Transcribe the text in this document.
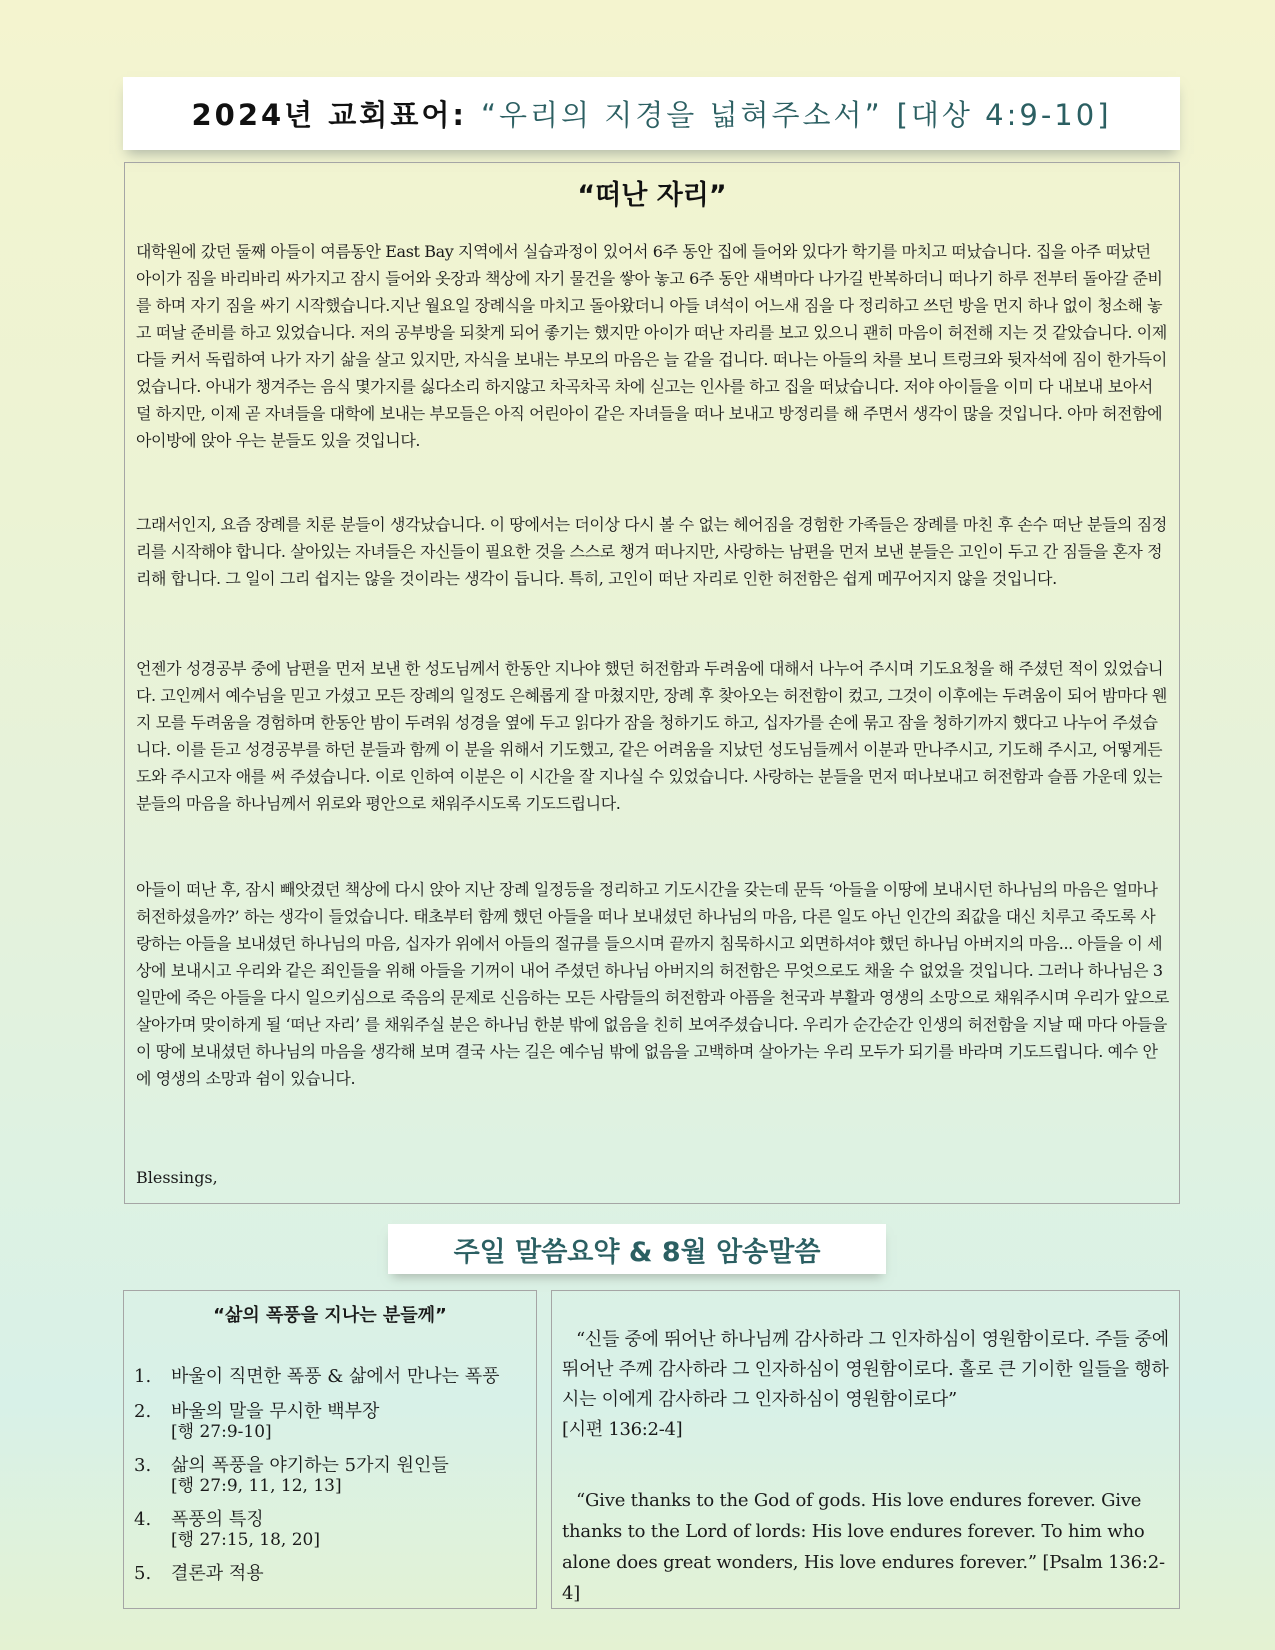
2024년 교회표어: “우리의 지경을 넓혀주소서” [대상 4:9-10]
“떠난 자리”

대학원에 갔던 둘째 아들이 여름동안 East Bay 지역에서 실습과정이 있어서 6주 동안 집에 들어와 있다가 학기를 마치고 떠났습니다. 집을 아주 떠났던 아이가 짐을 바리바리 싸가지고 잠시 들어와 옷장과 책상에 자기 물건을 쌓아 놓고 6주 동안 새벽마다 나가길 반복하더니 떠나기 하루 전부터 돌아갈 준비를 하며 자기 짐을 싸기 시작했습니다.지난 월요일 장례식을 마치고 돌아왔더니 아들 녀석이 어느새 짐을 다 정리하고 쓰던 방을 먼지 하나 없이 청소해 놓고 떠날 준비를 하고 있었습니다. 저의 공부방을 되찾게 되어 좋기는 했지만 아이가 떠난 자리를 보고 있으니 괜히 마음이 허전해 지는 것 같았습니다. 이제 다들 커서 독립하여 나가 자기 삶을 살고 있지만, 자식을 보내는 부모의 마음은 늘 같을 겁니다. 떠나는 아들의 차를 보니 트렁크와 뒷자석에 짐이 한가득이었습니다. 아내가 챙겨주는 음식 몇가지를 싫다소리 하지않고 차곡차곡 차에 싣고는 인사를 하고 집을 떠났습니다. 저야 아이들을 이미 다 내보내 보아서 덜 하지만, 이제 곧 자녀들을 대학에 보내는 부모들은 아직 어린아이 같은 자녀들을 떠나 보내고 방정리를 해 주면서 생각이 많을 것입니다. 아마 허전함에 아이방에 앉아 우는 분들도 있을 것입니다.

그래서인지, 요즘 장례를 치룬 분들이 생각났습니다. 이 땅에서는 더이상 다시 볼 수 없는 헤어짐을 경험한 가족들은 장례를 마친 후 손수 떠난 분들의 짐정리를 시작해야 합니다. 살아있는 자녀들은 자신들이 필요한 것을 스스로 챙겨 떠나지만, 사랑하는 남편을 먼저 보낸 분들은 고인이 두고 간 짐들을 혼자 정리해 합니다. 그 일이 그리 쉽지는 않을 것이라는 생각이 듭니다. 특히, 고인이 떠난 자리로 인한 허전함은 쉽게 메꾸어지지 않을 것입니다.

언젠가 성경공부 중에 남편을 먼저 보낸 한 성도님께서 한동안 지나야 했던 허전함과 두려움에 대해서 나누어 주시며 기도요청을 해 주셨던 적이 있었습니다. 고인께서 예수님을 믿고 가셨고 모든 장례의 일정도 은혜롭게 잘 마쳤지만, 장례 후 찾아오는 허전함이 컸고, 그것이 이후에는 두려움이 되어 밤마다 웬지 모를 두려움을 경험하며 한동안 밤이 두려워 성경을 옆에 두고 읽다가 잠을 청하기도 하고, 십자가를 손에 묶고 잠을 청하기까지 했다고 나누어 주셨습니다. 이를 듣고 성경공부를 하던 분들과 함께 이 분을 위해서 기도했고, 같은 어려움을 지났던 성도님들께서 이분과 만나주시고, 기도해 주시고, 어떻게든 도와 주시고자 애를 써 주셨습니다. 이로 인하여 이분은 이 시간을 잘 지나실 수 있었습니다. 사랑하는 분들을 먼저 떠나보내고 허전함과 슬픔 가운데 있는 분들의 마음을 하나님께서 위로와 평안으로 채워주시도록 기도드립니다.

아들이 떠난 후, 잠시 빼앗겼던 책상에 다시 앉아 지난 장례 일정등을 정리하고 기도시간을 갖는데 문득 ‘아들을 이땅에 보내시던 하나님의 마음은 얼마나 허전하셨을까?’ 하는 생각이 들었습니다. 태초부터 함께 했던 아들을 떠나 보내셨던 하나님의 마음, 다른 일도 아닌 인간의 죄값을 대신 치루고 죽도록 사랑하는 아들을 보내셨던 하나님의 마음, 십자가 위에서 아들의 절규를 들으시며 끝까지 침묵하시고 외면하셔야 했던 하나님 아버지의 마음... 아들을 이 세상에 보내시고 우리와 같은 죄인들을 위해 아들을 기꺼이 내어 주셨던 하나님 아버지의 허전함은 무엇으로도 채울 수 없었을 것입니다. 그러나 하나님은 3일만에 죽은 아들을 다시 일으키심으로 죽음의 문제로 신음하는 모든 사람들의 허전함과 아픔을 천국과 부활과 영생의 소망으로 채워주시며 우리가 앞으로 살아가며 맞이하게 될 ‘떠난 자리’ 를 채워주실 분은 하나님 한분 밖에 없음을 친히 보여주셨습니다. 우리가 순간순간 인생의 허전함을 지날 때 마다 아들을 이 땅에 보내셨던 하나님의 마음을 생각해 보며 결국 사는 길은 예수님 밖에 없음을 고백하며 살아가는 우리 모두가 되기를 바라며 기도드립니다. 예수 안에 영생의 소망과 쉼이 있습니다.

Blessings,
주일 말씀요약 & 8월 암송말씀
“삶의 폭풍을 지나는 분들께”
1.	바울이 직면한 폭풍 & 삶에서 만나는 폭풍
2.	바울의 말을 무시한 백부장
[행 27:9-10]
3.	삶의 폭풍을 야기하는 5가지 원인들
[행 27:9, 11, 12, 13]
4.	폭풍의 특징
[행 27:15, 18, 20]
5.	결론과 적용

“신들 중에 뛰어난 하나님께 감사하라 그 인자하심이 영원함이로다. 주들 중에 뛰어난 주께 감사하라 그 인자하심이 영원함이로다. 홀로 큰 기이한 일들을 행하시는 이에게 감사하라 그 인자하심이 영원함이로다”
[시편 136:2-4]

“Give thanks to the God of gods. His love endures forever. Give thanks to the Lord of lords: His love endures forever. To him who alone does great wonders, His love endures forever.” [Psalm 136:2-4]
